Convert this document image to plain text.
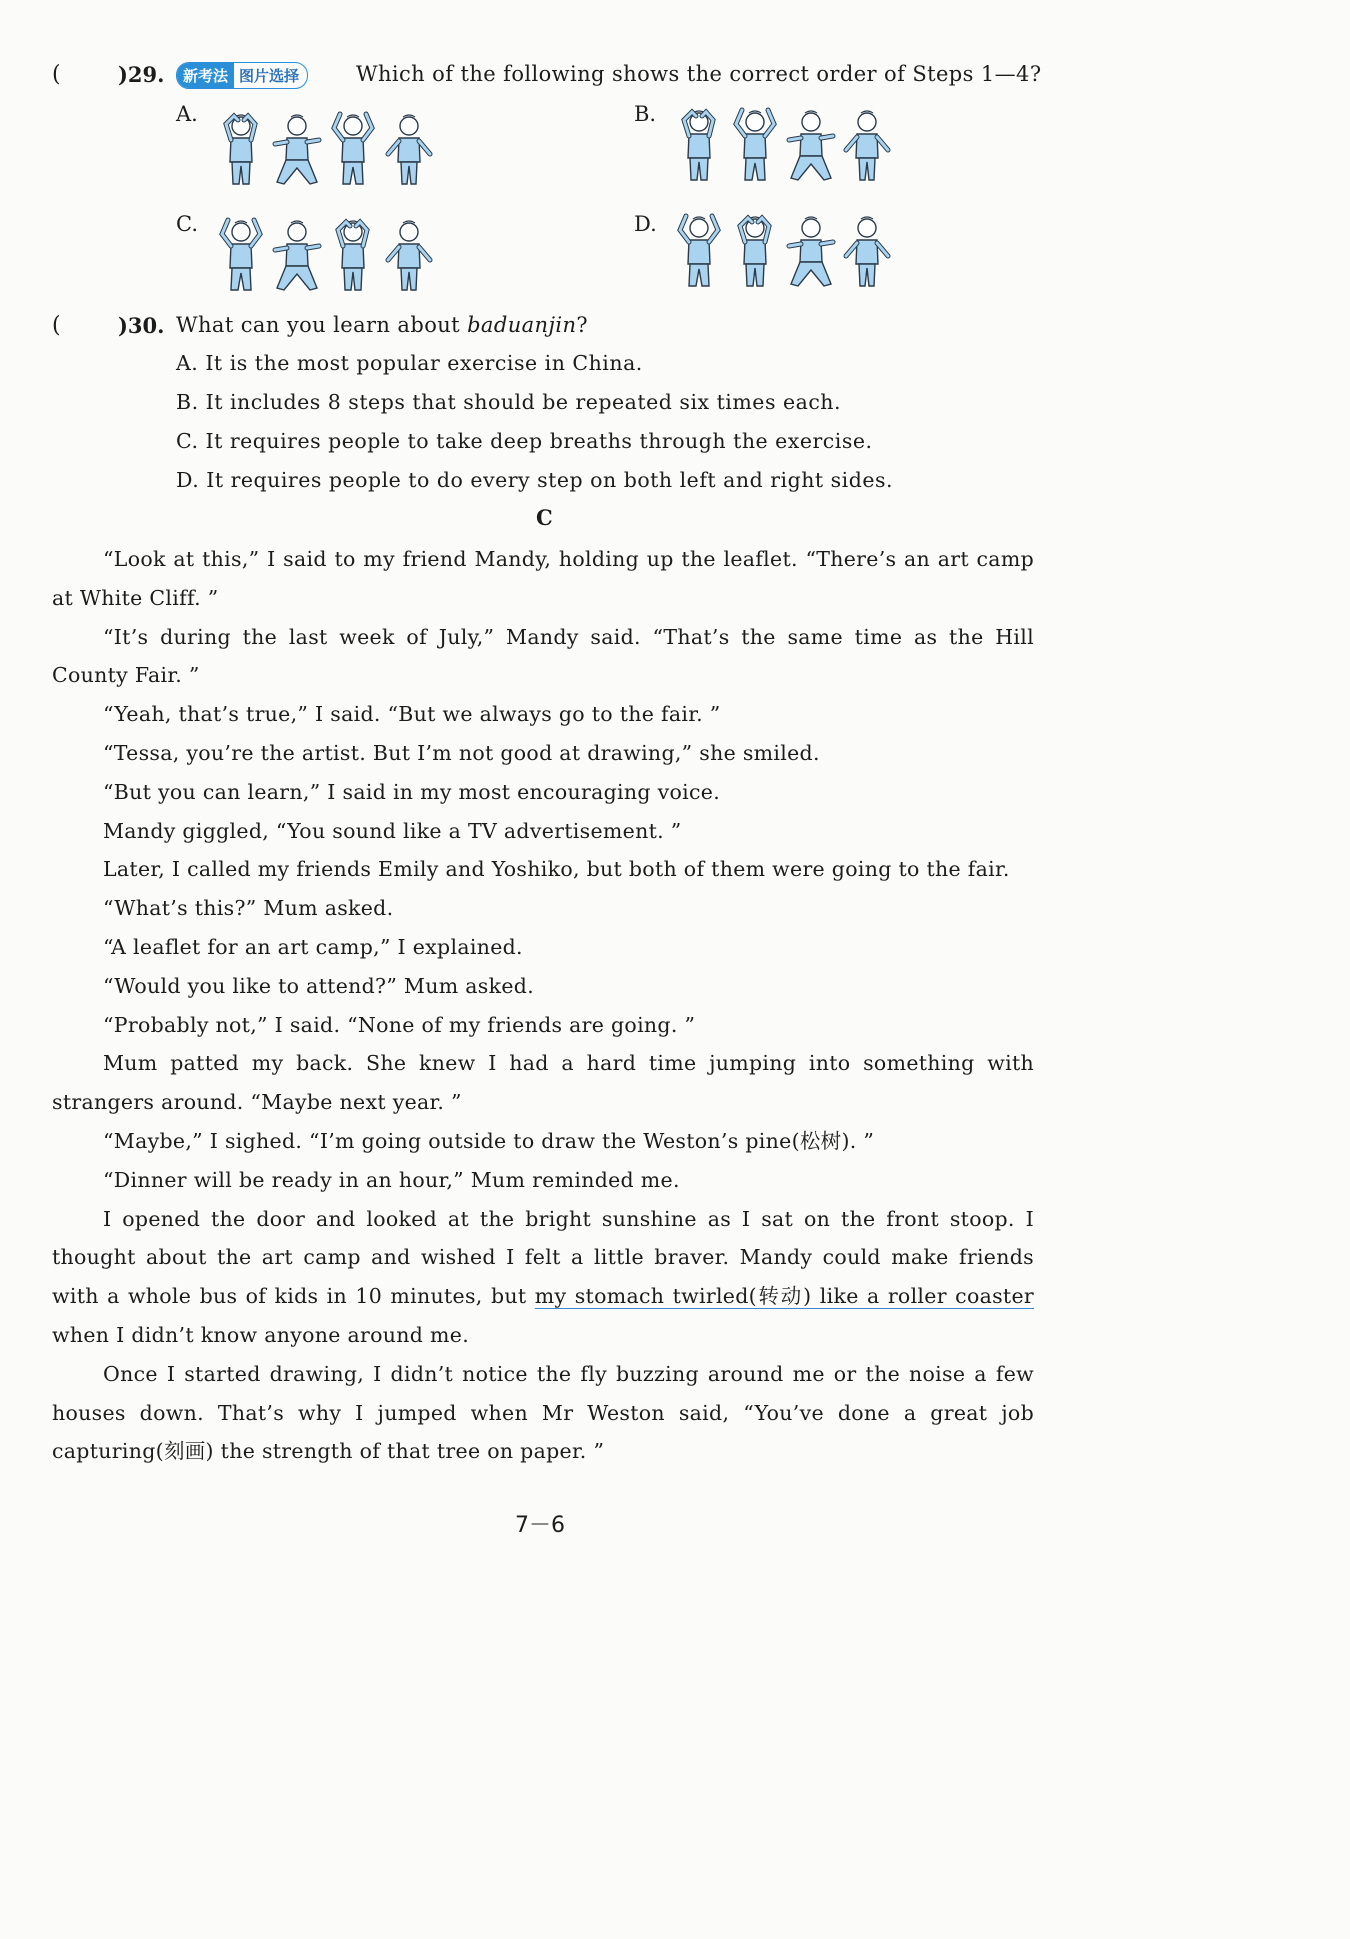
(	)29.	新考法 图片选择	Which of the following shows the correct order of Steps 1—4?
A.	B.
C.	D.
(	)30. What can you learn about baduanjin?
A. It is the most popular exercise in China.
B. It includes 8 steps that should be repeated six times each.
C. It requires people to take deep breaths through the exercise.
D. It requires people to do every step on both left and right sides.
C

“Look at this,” I said to my friend Mandy, holding up the leaflet. “There’s an art camp at White Cliff. ”

“It’s during the last week of July,” Mandy said. “That’s the same time as the Hill County Fair. ”

“Yeah, that’s true,” I said. “But we always go to the fair. ”

“Tessa, you’re the artist. But I’m not good at drawing,” she smiled.

“But you can learn,” I said in my most encouraging voice.

Mandy giggled, “You sound like a TV advertisement. ”

Later, I called my friends Emily and Yoshiko, but both of them were going to the fair.

“What’s this?” Mum asked.

“A leaflet for an art camp,” I explained.

“Would you like to attend?” Mum asked.

“Probably not,” I said. “None of my friends are going. ”

Mum patted my back. She knew I had a hard time jumping into something with strangers around. “Maybe next year. ”

“Maybe,” I sighed. “I’m going outside to draw the Weston’s pine(松树). ”

“Dinner will be ready in an hour,” Mum reminded me.

I opened the door and looked at the bright sunshine as I sat on the front stoop. I thought about the art camp and wished I felt a little braver. Mandy could make friends with a whole bus of kids in 10 minutes, but my stomach twirled(转动) like a roller coaster when I didn’t know anyone around me.

Once I started drawing, I didn’t notice the fly buzzing around me or the noise a few houses down. That’s why I jumped when Mr Weston said, “You’ve done a great job capturing(刻画) the strength of that tree on paper. ”

7－6
